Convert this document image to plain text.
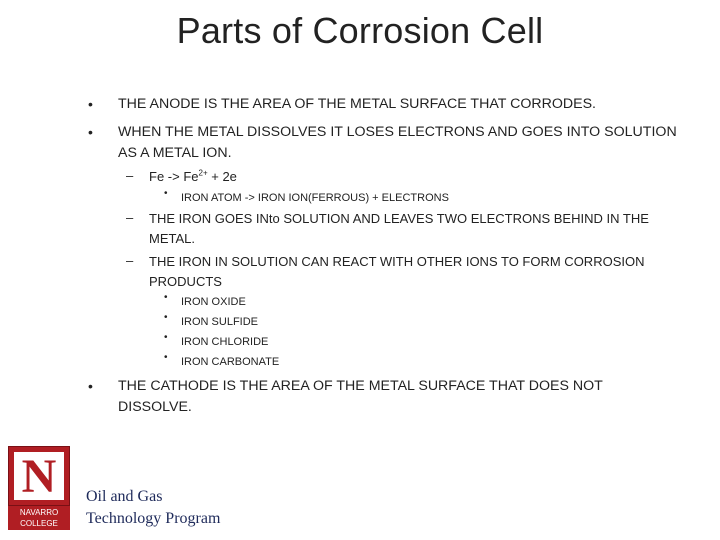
Parts of Corrosion Cell
• THE ANODE IS THE AREA OF THE METAL SURFACE THAT CORRODES.
• WHEN THE METAL DISSOLVES IT LOSES ELECTRONS AND GOES INTO SOLUTION AS A METAL ION.
– $Fe -> Fe^{2+} + 2e$
• IRON ATOM -> IRON ION(FERROUS) + ELECTRONS
– THE IRON GOES INto SOLUTION AND LEAVES TWO ELECTRONS BEHIND IN THE METAL.
– THE IRON IN SOLUTION CAN REACT WITH OTHER IONS TO FORM CORROSION PRODUCTS
• IRON OXIDE
• IRON SULFIDE
• IRON CHLORIDE
• IRON CARBONATE
• THE CATHODE IS THE AREA OF THE METAL SURFACE THAT DOES NOT DISSOLVE.
N
NAVARRO
COLLEGE
Oil and Gas
Technology Program
